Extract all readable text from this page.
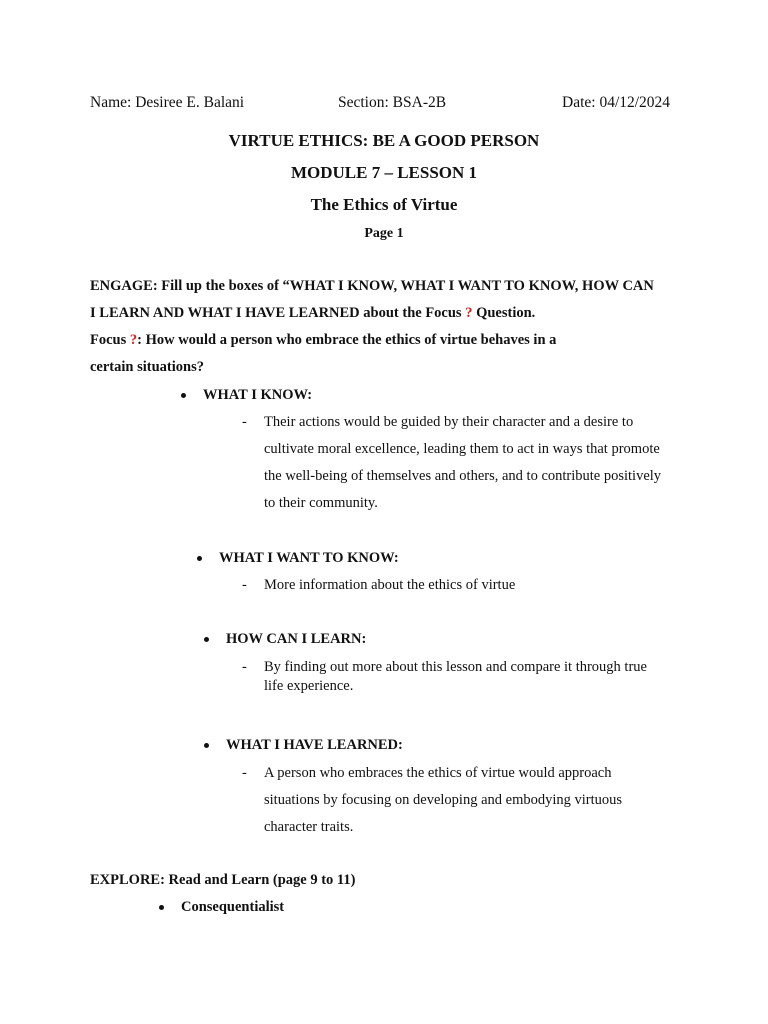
Name: Desiree E. Balani	Section: BSA-2B	Date: 04/12/2024
VIRTUE ETHICS: BE A GOOD PERSON
MODULE 7 – LESSON 1
The Ethics of Virtue
Page 1
ENGAGE: Fill up the boxes of “WHAT I KNOW, WHAT I WANT TO KNOW, HOW CAN
I LEARN AND WHAT I HAVE LEARNED about the Focus ? Question.
Focus ?: How would a person who embrace the ethics of virtue behaves in a
certain situations?
WHAT I KNOW:
- Their actions would be guided by their character and a desire to
cultivate moral excellence, leading them to act in ways that promote
the well-being of themselves and others, and to contribute positively
to their community.
WHAT I WANT TO KNOW:
- More information about the ethics of virtue
HOW CAN I LEARN:
- By finding out more about this lesson and compare it through true
life experience.
WHAT I HAVE LEARNED:
- A person who embraces the ethics of virtue would approach
situations by focusing on developing and embodying virtuous
character traits.
EXPLORE: Read and Learn (page 9 to 11)
Consequentialist
